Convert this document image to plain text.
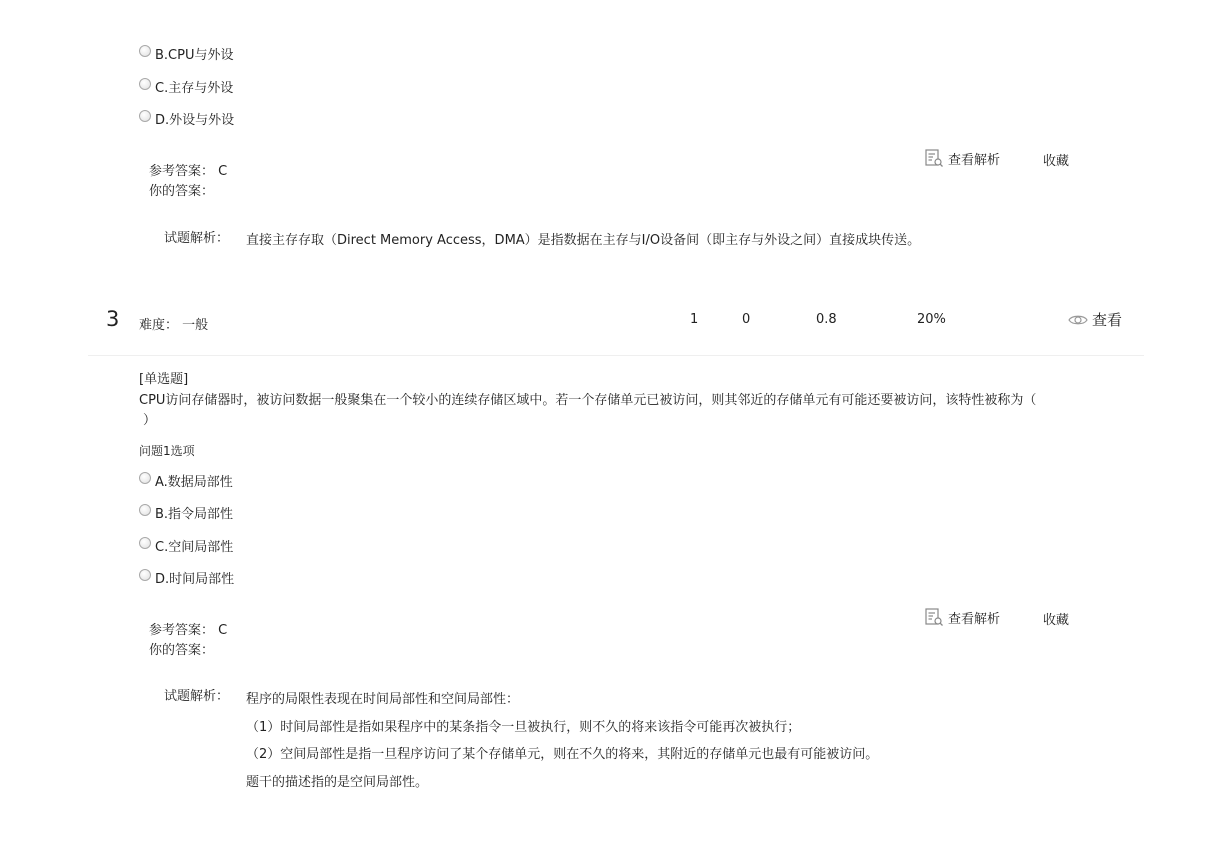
B.CPU与外设
C.主存与外设
D.外设与外设
参考答案： C
你的答案：
查看解析	收藏
试题解析： 直接主存存取（Direct Memory Access，DMA）是指数据在主存与I/O设备间（即主存与外设之间）直接成块传送。
3 难度： 一般	1	0	0.8	20%	查看
[单选题]
CPU访问存储器时，被访问数据一般聚集在一个较小的连续存储区域中。若一个存储单元已被访问，则其邻近的存储单元有可能还要被访问，该特性被称为（
）
问题1选项
A.数据局部性
B.指令局部性
C.空间局部性
D.时间局部性
参考答案： C
你的答案：
查看解析	收藏
试题解析： 程序的局限性表现在时间局部性和空间局部性：
（1）时间局部性是指如果程序中的某条指令一旦被执行，则不久的将来该指令可能再次被执行；
（2）空间局部性是指一旦程序访问了某个存储单元，则在不久的将来，其附近的存储单元也最有可能被访问。
题干的描述指的是空间局部性。
